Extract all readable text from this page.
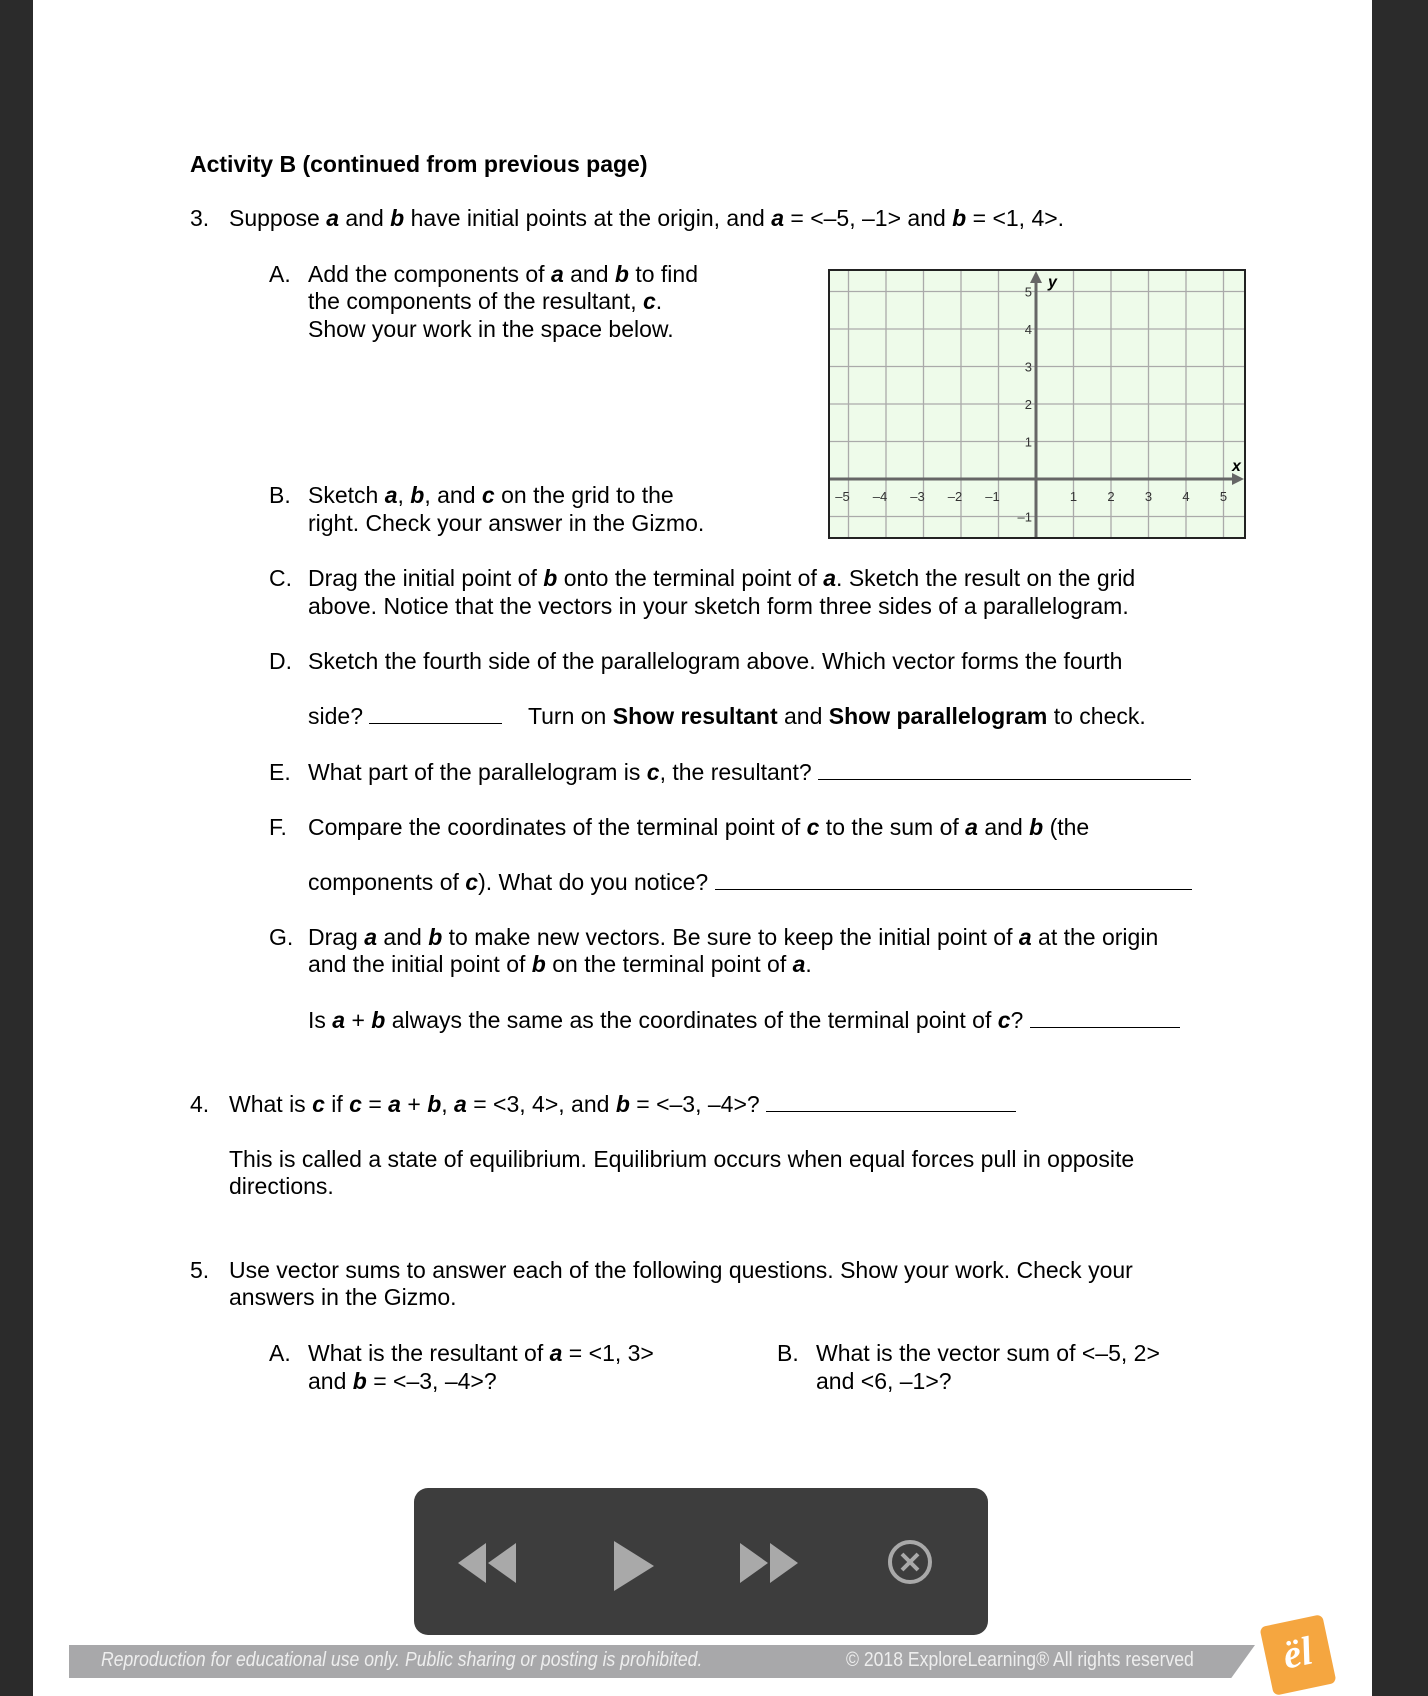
Activity B (continued from previous page)
3. Suppose a and b have initial points at the origin, and a = <–5, –1> and b = <1, 4>.
A. Add the components of a and b to find
the components of the resultant, c.
Show your work in the space below.
–5 –4 –3 –2 –1	1 2 3 4 5
5
4
3
2
1
–1
x
y
B. Sketch a, b, and c on the grid to the
right. Check your answer in the Gizmo.
C. Drag the initial point of b onto the terminal point of a. Sketch the result on the grid
above. Notice that the vectors in your sketch form three sides of a parallelogram.
D. Sketch the fourth side of the parallelogram above. Which vector forms the fourth
side?	Turn on Show resultant and Show parallelogram to check.
E. What part of the parallelogram is c, the resultant?
F. Compare the coordinates of the terminal point of c to the sum of a and b (the
components of c). What do you notice?
G. Drag a and b to make new vectors. Be sure to keep the initial point of a at the origin
and the initial point of b on the terminal point of a.
Is a + b always the same as the coordinates of the terminal point of c?
4. What is c if c = a + b, a = <3, 4>, and b = <–3, –4>?
This is called a state of equilibrium. Equilibrium occurs when equal forces pull in opposite
directions.
5. Use vector sums to answer each of the following questions. Show your work. Check your
answers in the Gizmo.
A. What is the resultant of a = <1, 3>
and b = <–3, –4>?
B. What is the vector sum of <–5, 2>
and <6, –1>?
Reproduction for educational use only. Public sharing or posting is prohibited.	© 2018 ExploreLearning® All rights reserved	ël
